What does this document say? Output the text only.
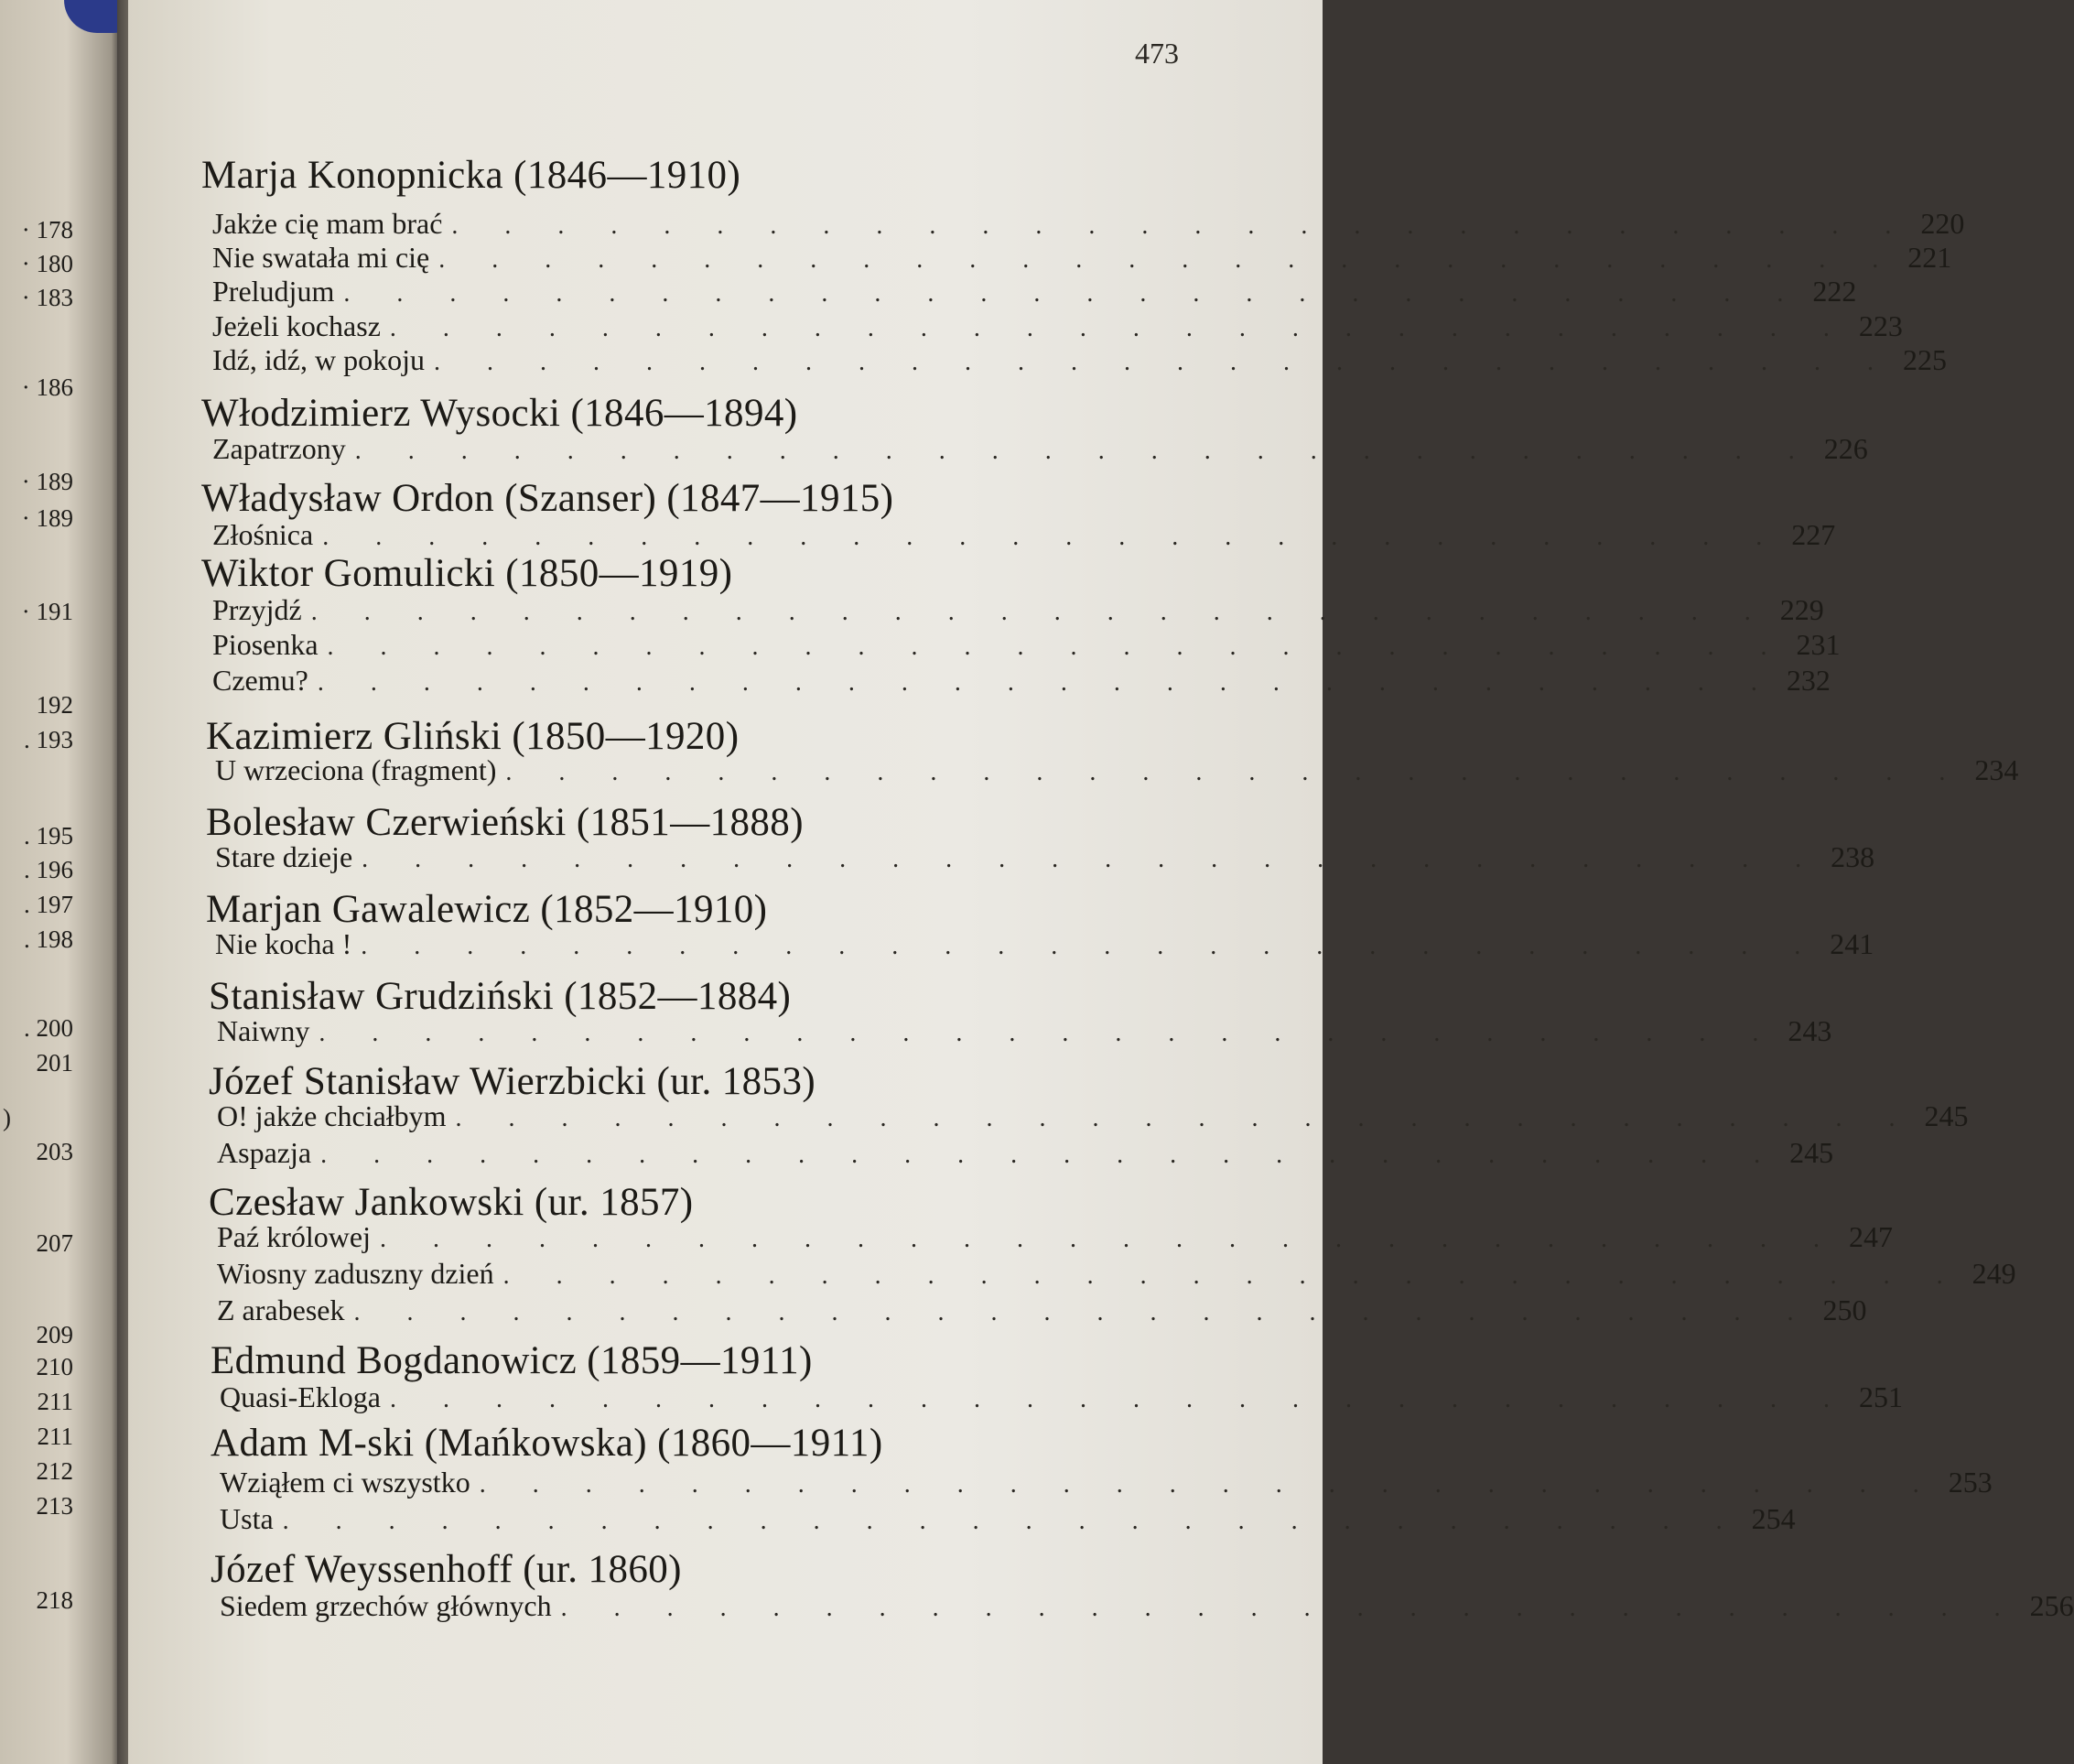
· 178
· 180
· 183
· 186
· 189
· 189
· 191
192
. 193
. 195
. 196
. 197
. 198
. 200
201
)
203
207
209
210
211
211
212
213
218
473
Marja Konopnicka (1846—1910)
Jakże cię mam brać . . . . . . . . . . . . . . . . . . . . . . . . . . . . 220
Nie swatała mi cię . . . . . . . . . . . . . . . . . . . . . . . . . . . . 221
Preludjum . . . . . . . . . . . . . . . . . . . . . . . . . . . . 222
Jeżeli kochasz . . . . . . . . . . . . . . . . . . . . . . . . . . . . 223
Idź, idź, w pokoju . . . . . . . . . . . . . . . . . . . . . . . . . . . . 225
Włodzimierz Wysocki (1846—1894)
Zapatrzony . . . . . . . . . . . . . . . . . . . . . . . . . . . . 226
Władysław Ordon (Szanser) (1847—1915)
Złośnica . . . . . . . . . . . . . . . . . . . . . . . . . . . . 227
Wiktor Gomulicki (1850—1919)
Przyjdź . . . . . . . . . . . . . . . . . . . . . . . . . . . . 229
Piosenka . . . . . . . . . . . . . . . . . . . . . . . . . . . . 231
Czemu? . . . . . . . . . . . . . . . . . . . . . . . . . . . . 232
Kazimierz Gliński (1850—1920)
U wrzeciona (fragment) . . . . . . . . . . . . . . . . . . . . . . . . . . . . 234
Bolesław Czerwieński (1851—1888)
Stare dzieje . . . . . . . . . . . . . . . . . . . . . . . . . . . . 238
Marjan Gawalewicz (1852—1910)
Nie kocha ! . . . . . . . . . . . . . . . . . . . . . . . . . . . . 241
Stanisław Grudziński (1852—1884)
Naiwny . . . . . . . . . . . . . . . . . . . . . . . . . . . . 243
Józef Stanisław Wierzbicki (ur. 1853)
O! jakże chciałbym . . . . . . . . . . . . . . . . . . . . . . . . . . . . 245
Aspazja . . . . . . . . . . . . . . . . . . . . . . . . . . . . 245
Czesław Jankowski (ur. 1857)
Paź królowej . . . . . . . . . . . . . . . . . . . . . . . . . . . . 247
Wiosny zaduszny dzień . . . . . . . . . . . . . . . . . . . . . . . . . . . . 249
Z arabesek . . . . . . . . . . . . . . . . . . . . . . . . . . . . 250
Edmund Bogdanowicz (1859—1911)
Quasi-Ekloga . . . . . . . . . . . . . . . . . . . . . . . . . . . . 251
Adam M-ski (Mańkowska) (1860—1911)
Wziąłem ci wszystko . . . . . . . . . . . . . . . . . . . . . . . . . . . . 253
Usta . . . . . . . . . . . . . . . . . . . . . . . . . . . . 254
Józef Weyssenhoff (ur. 1860)
Siedem grzechów głównych . . . . . . . . . . . . . . . . . . . . . . . . . . . . 256
